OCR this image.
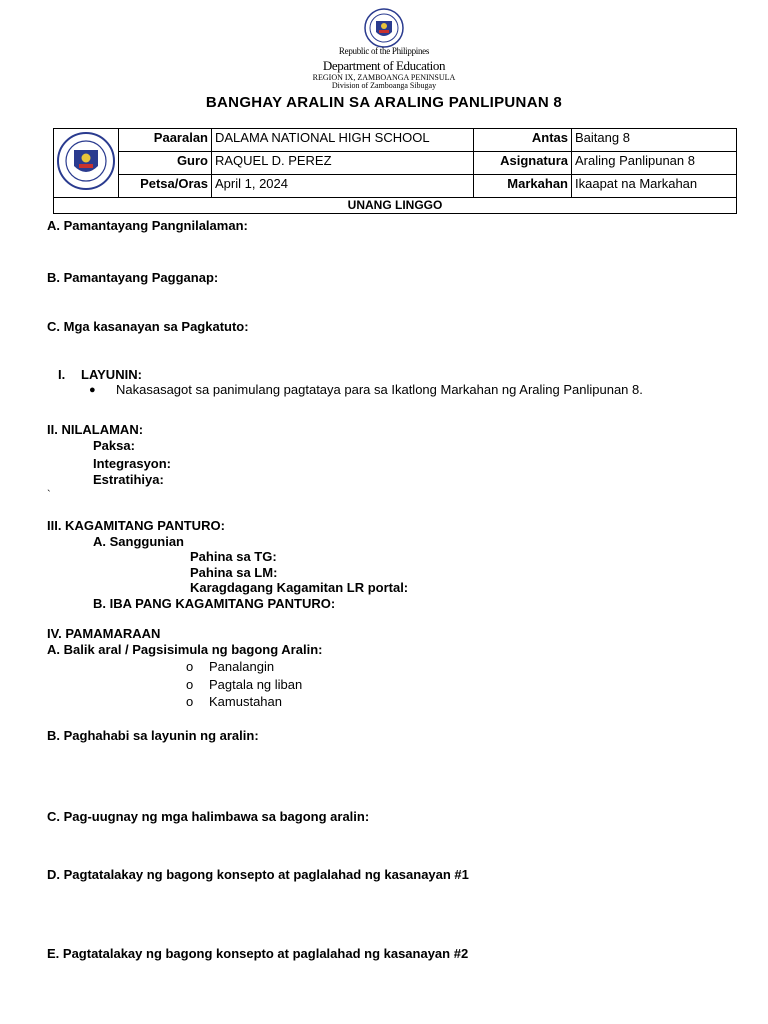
Republic of the Philippines
Department of Education
REGION IX, ZAMBOANGA PENINSULA
Division of Zamboanga Sibugay
BANGHAY ARALIN SA ARALING PANLIPUNAN 8
	Paaralan	DALAMA NATIONAL HIGH SCHOOL	Antas	Baitang 8
	Guro	RAQUEL D. PEREZ	Asignatura	Araling Panlipunan 8
	Petsa/Oras	April 1, 2024	Markahan	Ikaapat na Markahan
UNANG LINGGO				
A. Pamantayang Pangnilalaman:
B. Pamantayang Pagganap:
C. Mga kasanayan sa Pagkatuto:
I. LAYUNIN:
● Nakasasagot sa panimulang pagtataya para sa Ikatlong Markahan ng Araling Panlipunan 8.
II. NILALAMAN:
Paksa:
Integrasyon:
Estratihiya:
`
III. KAGAMITANG PANTURO:
A. Sanggunian
Pahina sa TG:
Pahina sa LM:
Karagdagang Kagamitan LR portal:
B. IBA PANG KAGAMITANG PANTURO:
IV. PAMAMARAAN
A. Balik aral / Pagsisimula ng bagong Aralin:
o Panalangin
o Pagtala ng liban
o Kamustahan
B. Paghahabi sa layunin ng aralin:
C. Pag-uugnay ng mga halimbawa sa bagong aralin:
D. Pagtatalakay ng bagong konsepto at paglalahad ng kasanayan #1
E. Pagtatalakay ng bagong konsepto at paglalahad ng kasanayan #2
